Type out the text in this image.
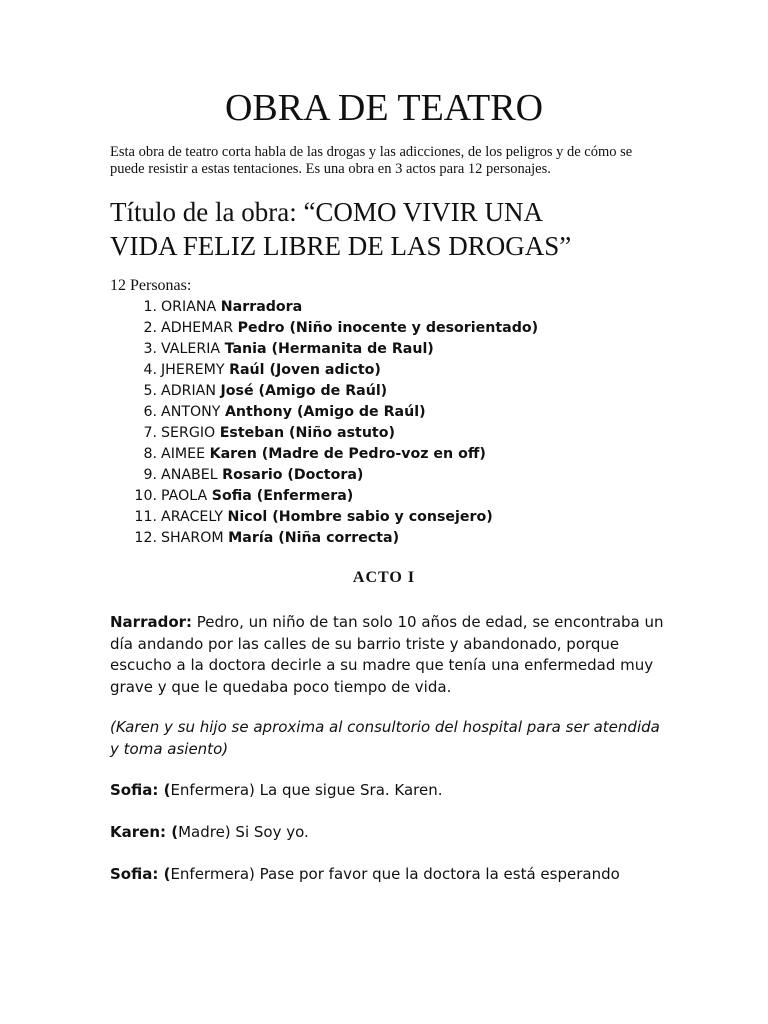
OBRA DE TEATRO

Esta obra de teatro corta habla de las drogas y las adicciones, de los peligros y de cómo se puede resistir a estas tentaciones. Es una obra en 3 actos para 12 personajes.

Título de la obra: “COMO VIVIR UNA
VIDA FELIZ LIBRE DE LAS DROGAS”

12 Personas:

1. ORIANA Narradora
2. ADHEMAR Pedro (Niño inocente y desorientado)
3. VALERIA Tania (Hermanita de Raul)
4. JHEREMY Raúl (Joven adicto)
5. ADRIAN José (Amigo de Raúl)
6. ANTONY Anthony (Amigo de Raúl)
7. SERGIO Esteban (Niño astuto)
8. AIMEE Karen (Madre de Pedro-voz en off)
9. ANABEL Rosario (Doctora)
10. PAOLA Sofia (Enfermera)
11. ARACELY Nicol (Hombre sabio y consejero)
12. SHAROM María (Niña correcta)

ACTO I

Narrador: Pedro, un niño de tan solo 10 años de edad, se encontraba un día andando por las calles de su barrio triste y abandonado, porque escucho a la doctora decirle a su madre que tenía una enfermedad muy grave y que le quedaba poco tiempo de vida.

(Karen y su hijo se aproxima al consultorio del hospital para ser atendida y toma asiento)

Sofia: (Enfermera) La que sigue Sra. Karen.

Karen: (Madre) Si Soy yo.

Sofia: (Enfermera) Pase por favor que la doctora la está esperando
